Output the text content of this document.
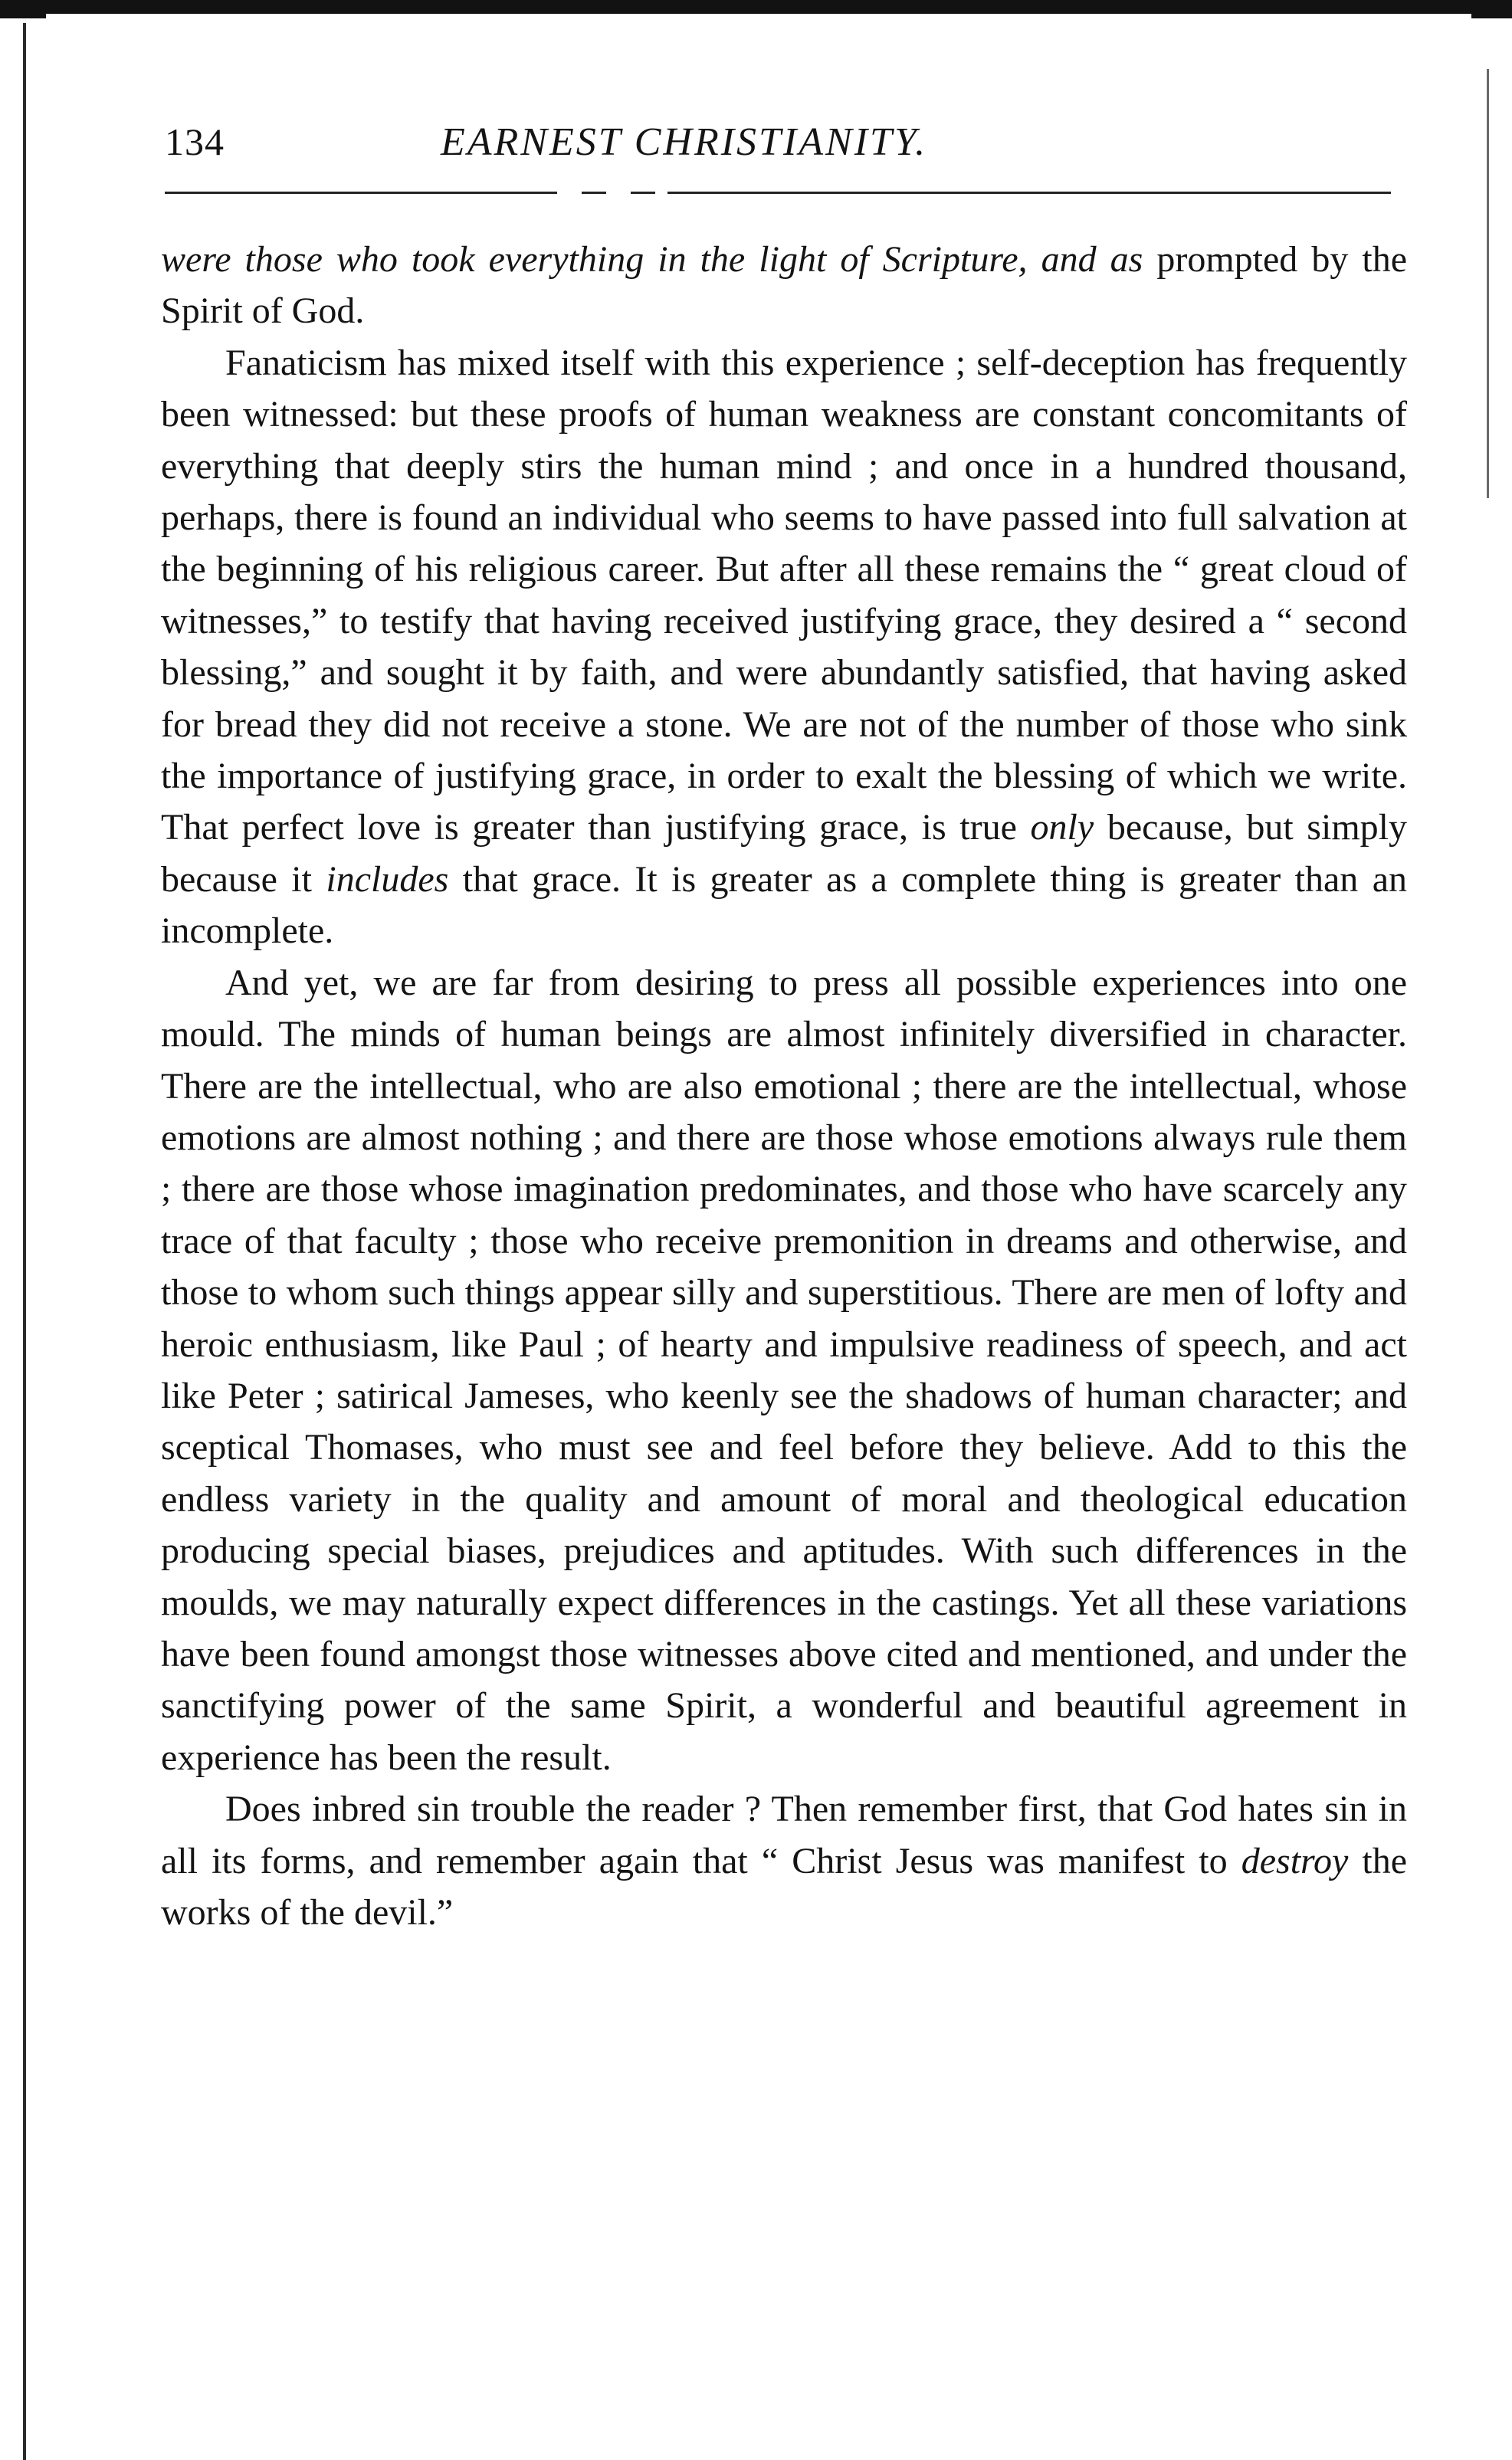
134	EARNEST CHRISTIANITY.

were those who took everything in the light of Scripture, and as prompted by the Spirit of God.

Fanaticism has mixed itself with this experience ; self-deception has frequently been witnessed: but these proofs of human weakness are constant concomitants of everything that deeply stirs the human mind ; and once in a hundred thousand, perhaps, there is found an individual who seems to have passed into full salvation at the beginning of his religious career. But after all these remains the “ great cloud of witnesses,” to testify that having received justifying grace, they desired a “ second blessing,” and sought it by faith, and were abundantly satisfied, that having asked for bread they did not receive a stone. We are not of the number of those who sink the importance of justifying grace, in order to exalt the blessing of which we write. That perfect love is greater than justifying grace, is true only because, but simply because it includes that grace. It is greater as a complete thing is greater than an incomplete.

And yet, we are far from desiring to press all possible experiences into one mould. The minds of human beings are almost infinitely diversified in character. There are the intellectual, who are also emotional ; there are the intellectual, whose emotions are almost nothing ; and there are those whose emotions always rule them ; there are those whose imagination predominates, and those who have scarcely any trace of that faculty ; those who receive premonition in dreams and otherwise, and those to whom such things appear silly and superstitious. There are men of lofty and heroic enthusiasm, like Paul ; of hearty and impulsive readiness of speech, and act like Peter ; satirical Jameses, who keenly see the shadows of human character; and sceptical Thomases, who must see and feel before they believe. Add to this the endless variety in the quality and amount of moral and theological education producing special biases, prejudices and aptitudes. With such differences in the moulds, we may naturally expect differences in the castings. Yet all these variations have been found amongst those witnesses above cited and mentioned, and under the sanctifying power of the same Spirit, a wonderful and beautiful agreement in experience has been the result.

Does inbred sin trouble the reader ? Then remember first, that God hates sin in all its forms, and remember again that “ Christ Jesus was manifest to destroy the works of the devil.”
